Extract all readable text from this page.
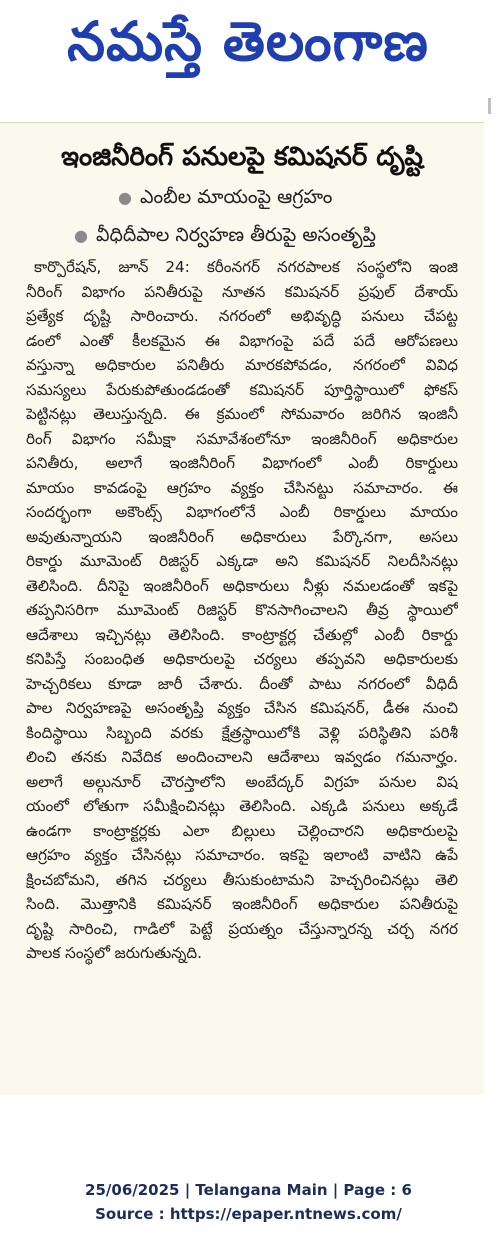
నమస్తే తెలంగాణ
ఇంజినీరింగ్ పనులపై కమిషనర్ దృష్టి
● ఎంబీల మాయంపై ఆగ్రహం
● వీధిదీపాల నిర్వహణ తీరుపై అసంతృప్తి
కార్పొరేషన్, జూన్ 24: కరీంనగర్ నగరపాలక సంస్థలోని ఇంజి
నీరింగ్ విభాగం పనితీరుపై నూతన కమిషనర్ ప్రఫుల్ దేశాయ్
ప్రత్యేక దృష్టి సారించారు. నగరంలో అభివృద్ధి పనులు చేపట్ట
డంలో ఎంతో కీలకమైన ఈ విభాగంపై పదే పదే ఆరోపణలు
వస్తున్నా అధికారుల పనితీరు మారకపోవడం, నగరంలో వివిధ
సమస్యలు పేరుకుపోతుండడంతో కమిషనర్ పూర్తిస్థాయిలో ఫోకస్
పెట్టినట్లు తెలుస్తున్నది. ఈ క్రమంలో సోమవారం జరిగిన ఇంజినీ
రింగ్ విభాగం సమీక్షా సమావేశంలోనూ ఇంజినీరింగ్ అధికారుల
పనితీరు, అలాగే ఇంజినీరింగ్ విభాగంలో ఎంబీ రికార్డులు
మాయం కావడంపై ఆగ్రహం వ్యక్తం చేసినట్టు సమాచారం. ఈ
సందర్భంగా అకౌంట్స్ విభాగంలోనే ఎంబీ రికార్డులు మాయం
అవుతున్నాయని ఇంజినీరింగ్ అధికారులు పేర్కొనగా, అసలు
రికార్డు మూమెంట్ రిజిస్టర్ ఎక్కడా అని కమిషనర్ నిలదీసినట్లు
తెలిసింది. దీనిపై ఇంజినీరింగ్ అధికారులు నీళ్లు నమలడంతో ఇకపై
తప్పనిసరిగా మూమెంట్ రిజిస్టర్ కొనసాగించాలని తీవ్ర స్థాయిలో
ఆదేశాలు ఇచ్చినట్లు తెలిసింది. కాంట్రాక్టర్ల చేతుల్లో ఎంబీ రికార్డు
కనిపిస్తే సంబంధిత అధికారులపై చర్యలు తప్పవని అధికారులకు
హెచ్చరికలు కూడా జారీ చేశారు. దీంతో పాటు నగరంలో వీధిదీ
పాల నిర్వహణపై అసంతృప్తి వ్యక్తం చేసిన కమిషనర్, డీఈ నుంచి
కిందిస్థాయి సిబ్బంది వరకు క్షేత్రస్థాయిలోకి వెళ్లి పరిస్థితిని పరిశీ
లించి తనకు నివేదిక అందించాలని ఆదేశాలు ఇవ్వడం గమనార్హం.
అలాగే అల్గునూర్ చౌరస్తాలోని అంబేద్కర్ విగ్రహ పనుల విష
యంలో లోతుగా సమీక్షించినట్లు తెలిసింది. ఎక్కడి పనులు అక్కడే
ఉండగా కాంట్రాక్టర్లకు ఎలా బిల్లులు చెల్లించారని అధికారులపై
ఆగ్రహం వ్యక్తం చేసినట్లు సమాచారం. ఇకపై ఇలాంటి వాటిని ఉపే
క్షించబోమని, తగిన చర్యలు తీసుకుంటామని హెచ్చరించినట్లు తెలి
సింది. మొత్తానికి కమిషనర్ ఇంజినీరింగ్ అధికారుల పనితీరుపై
దృష్టి సారించి, గాడిలో పెట్టే ప్రయత్నం చేస్తున్నారన్న చర్చ నగర
పాలక సంస్థలో జరుగుతున్నది.
25/06/2025 | Telangana Main | Page : 6
Source : https://epaper.ntnews.com/
